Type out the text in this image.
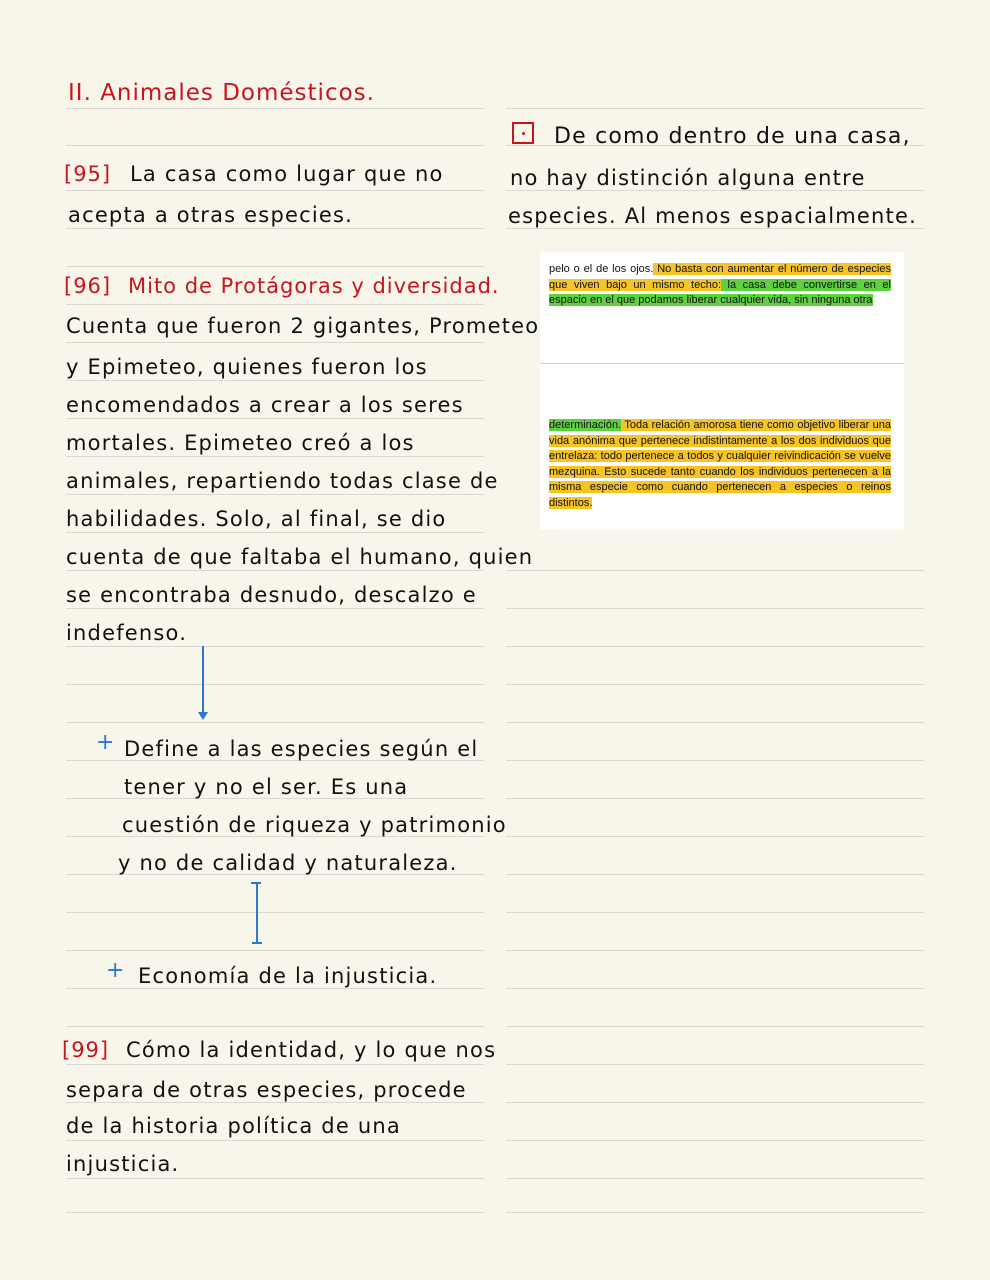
II. Animales Domésticos.
[95] La casa como lugar que no
acepta a otras especies.
[96] Mito de Protágoras y diversidad.
Cuenta que fueron 2 gigantes, Prometeo
y Epimeteo, quienes fueron los
encomendados a crear a los seres
mortales. Epimeteo creó a los
animales, repartiendo todas clase de
habilidades. Solo, al final, se dio
cuenta de que faltaba el humano, quien
se encontraba desnudo, descalzo e
indefenso.
+ Define a las especies según el
tener y no el ser. Es una
cuestión de riqueza y patrimonio
y no de calidad y naturaleza.
+ Economía de la injusticia.
[99] Cómo la identidad, y lo que nos
separa de otras especies, procede
de la historia política de una
injusticia.
De como dentro de una casa,
no hay distinción alguna entre
especies. Al menos espacialmente.
pelo o el de los ojos. No basta con aumentar el número de especies que viven bajo un mismo techo: la casa debe convertirse en el espacio en el que podamos liberar cualquier vida, sin ninguna otra
determinación. Toda relación amorosa tiene como objetivo liberar una vida anónima que pertenece indistintamente a los dos individuos que entrelaza: todo pertenece a todos y cualquier reivindicación se vuelve mezquina. Esto sucede tanto cuando los individuos pertenecen a la misma especie como cuando pertenecen a especies o reinos distintos.
